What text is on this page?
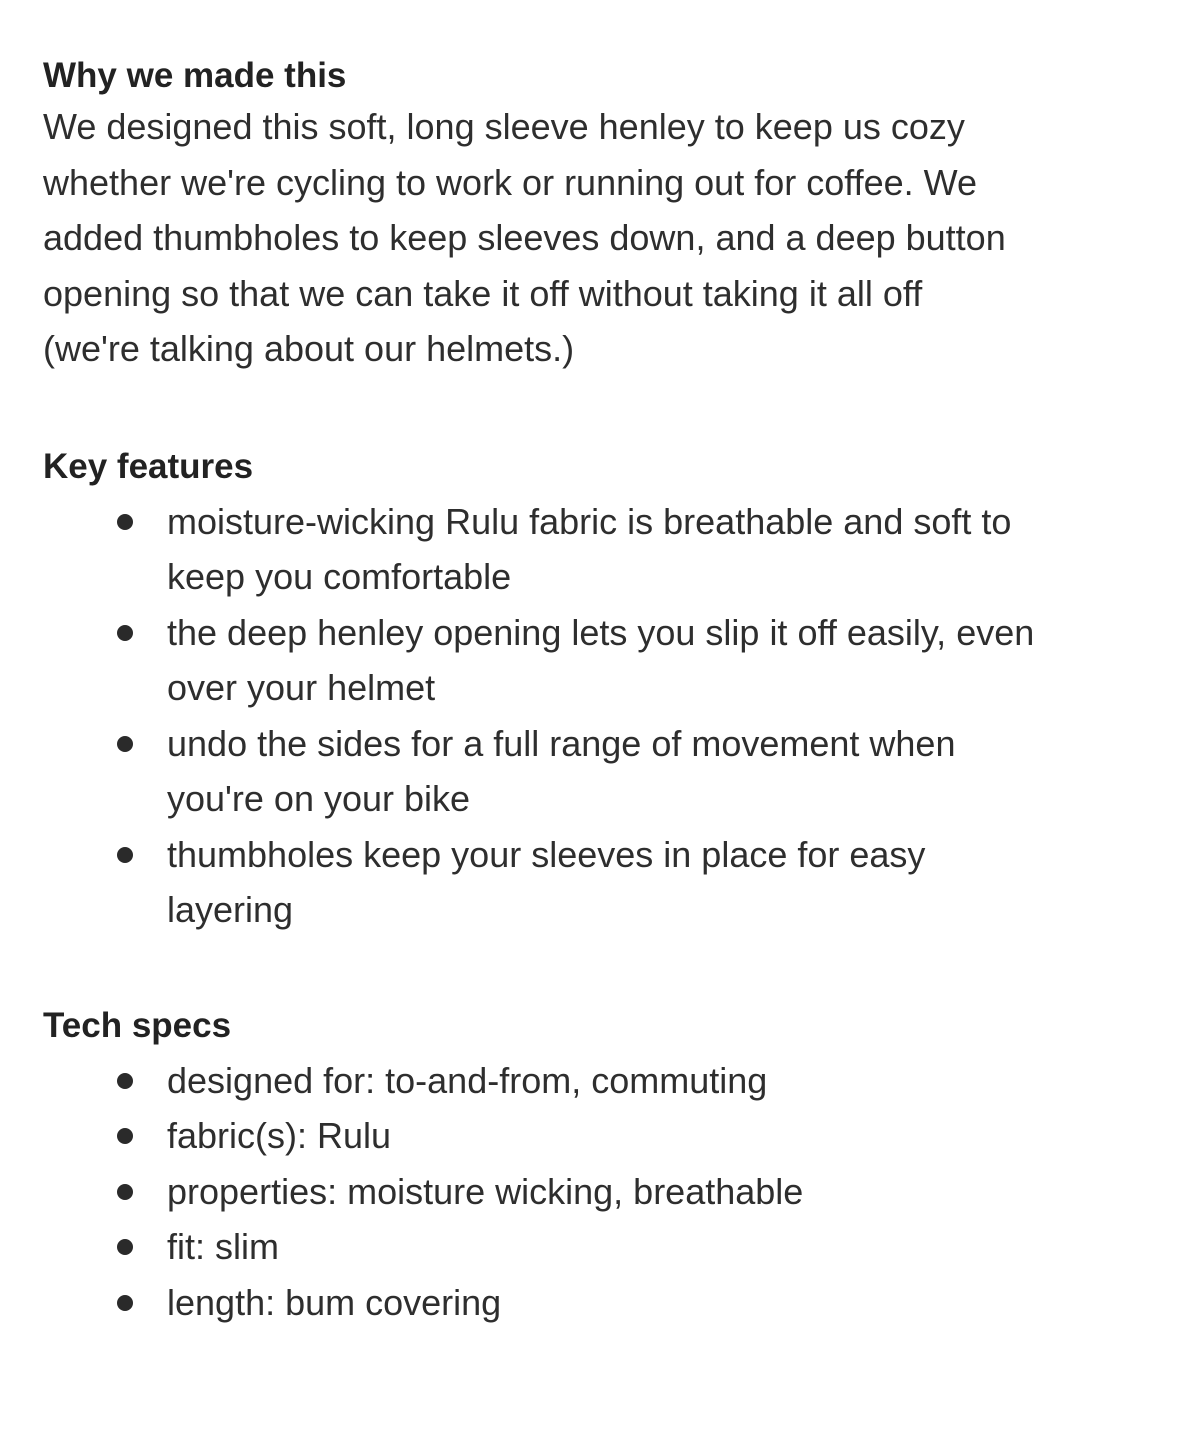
Why we made this

We designed this soft, long sleeve henley to keep us cozy
whether we're cycling to work or running out for coffee. We
added thumbholes to keep sleeves down, and a deep button
opening so that we can take it off without taking it all off
(we're talking about our helmets.)

Key features
moisture-wicking Rulu fabric is breathable and soft to
keep you comfortable
the deep henley opening lets you slip it off easily, even
over your helmet
undo the sides for a full range of movement when
you're on your bike
thumbholes keep your sleeves in place for easy
layering
Tech specs
designed for: to-and-from, commuting
fabric(s): Rulu
properties: moisture wicking, breathable
fit: slim
length: bum covering
